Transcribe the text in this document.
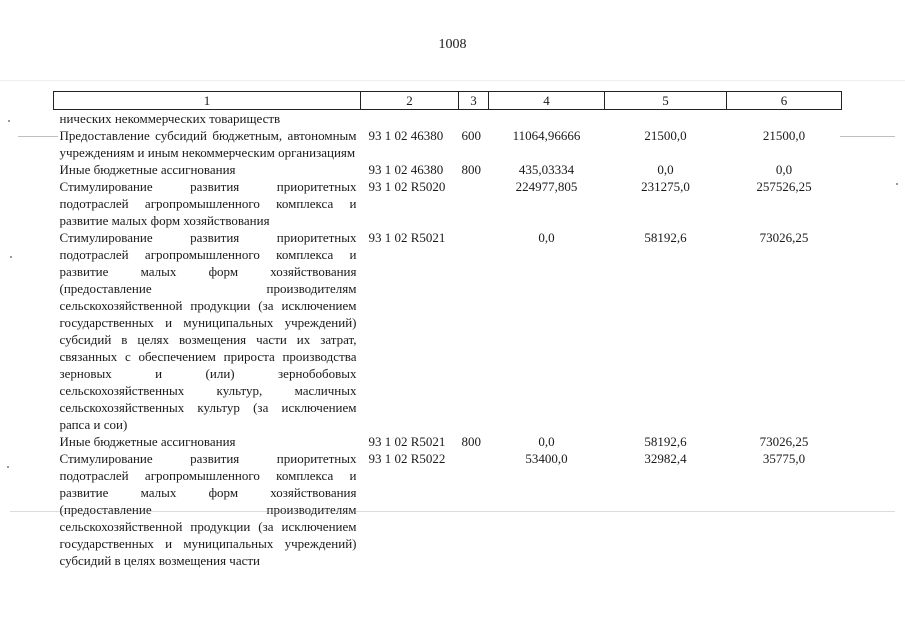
1008
1	2	3	4	5	6
нических некоммерческих товариществ					
Предоставление субсидий бюджетным, автономным учреждениям и иным некоммерческим организациям	93 1 02 46380	600	11064,96666	21500,0	21500,0
Иные бюджетные ассигнования	93 1 02 46380	800	435,03334	0,0	0,0
Стимулирование развития приоритетных подотраслей агропромышленного комплекса и развитие малых форм хозяйствования	93 1 02 R5020		224977,805	231275,0	257526,25
Стимулирование развития приоритетных подотраслей агропромышленного комплекса и развитие малых форм хозяйствования (предоставление производителям сельскохозяйственной продукции (за исключением государственных и муниципальных учреждений) субсидий в целях возмещения части их затрат, связанных с обеспечением прироста производства зерновых и (или) зернобобовых сельскохозяйственных культур, масличных сельскохозяйственных культур (за исключением рапса и сои)	93 1 02 R5021		0,0	58192,6	73026,25
Иные бюджетные ассигнования	93 1 02 R5021	800	0,0	58192,6	73026,25
Стимулирование развития приоритетных подотраслей агропромышленного комплекса и развитие малых форм хозяйствования (предоставление производителям сельскохозяйственной продукции (за исключением государственных и муниципальных учреждений) субсидий в целях возмещения части	93 1 02 R5022		53400,0	32982,4	35775,0
